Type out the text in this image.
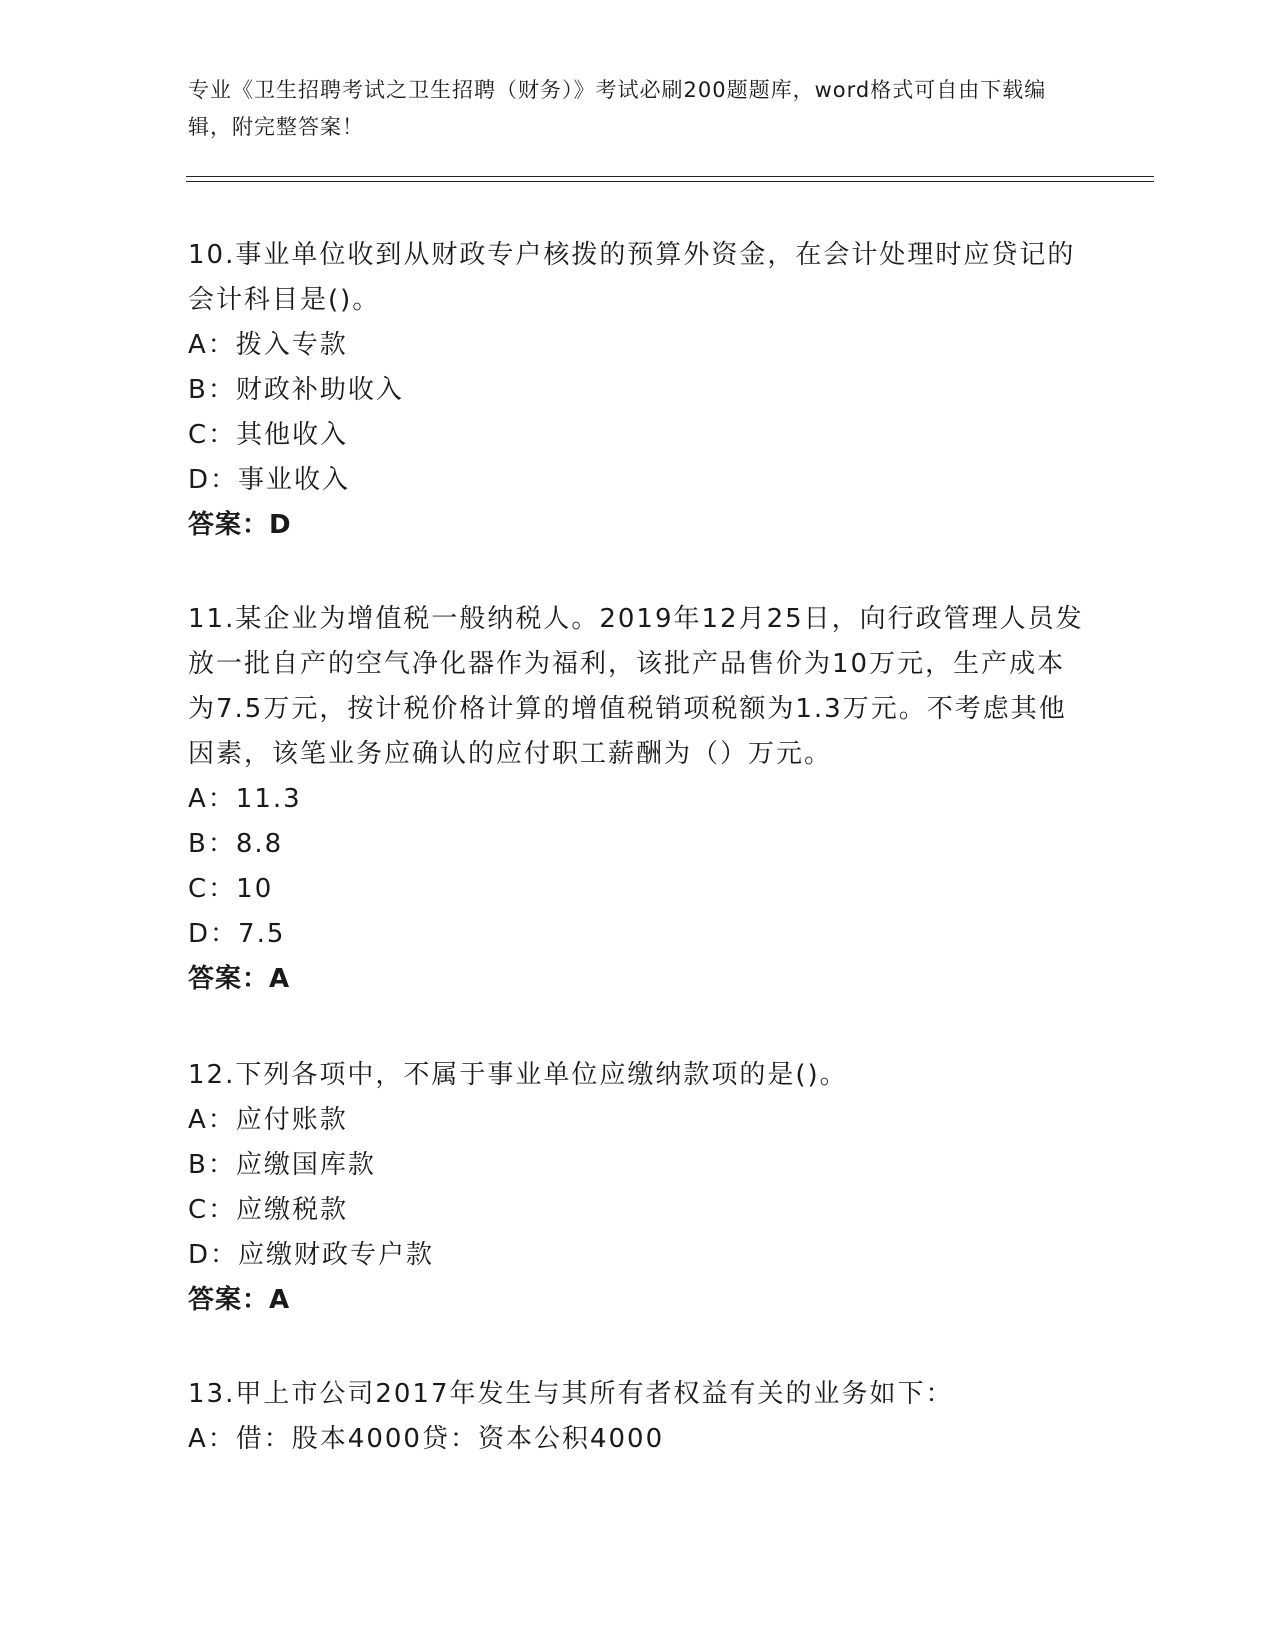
专业《卫生招聘考试之卫生招聘（财务）》考试必刷200题题库，word格式可自由下载编辑，附完整答案！

10.事业单位收到从财政专户核拨的预算外资金，在会计处理时应贷记的会计科目是()。

A：拨入专款

B：财政补助收入

C：其他收入

D：事业收入

答案：D

11.某企业为增值税一般纳税人。2019年12月25日，向行政管理人员发放一批自产的空气净化器作为福利，该批产品售价为10万元，生产成本为7.5万元，按计税价格计算的增值税销项税额为1.3万元。不考虑其他因素，该笔业务应确认的应付职工薪酬为（）万元。

A：11.3

B：8.8

C：10

D：7.5

答案：A

12.下列各项中，不属于事业单位应缴纳款项的是()。

A：应付账款

B：应缴国库款

C：应缴税款

D：应缴财政专户款

答案：A

13.甲上市公司2017年发生与其所有者权益有关的业务如下：

A：借：股本4000贷：资本公积4000
